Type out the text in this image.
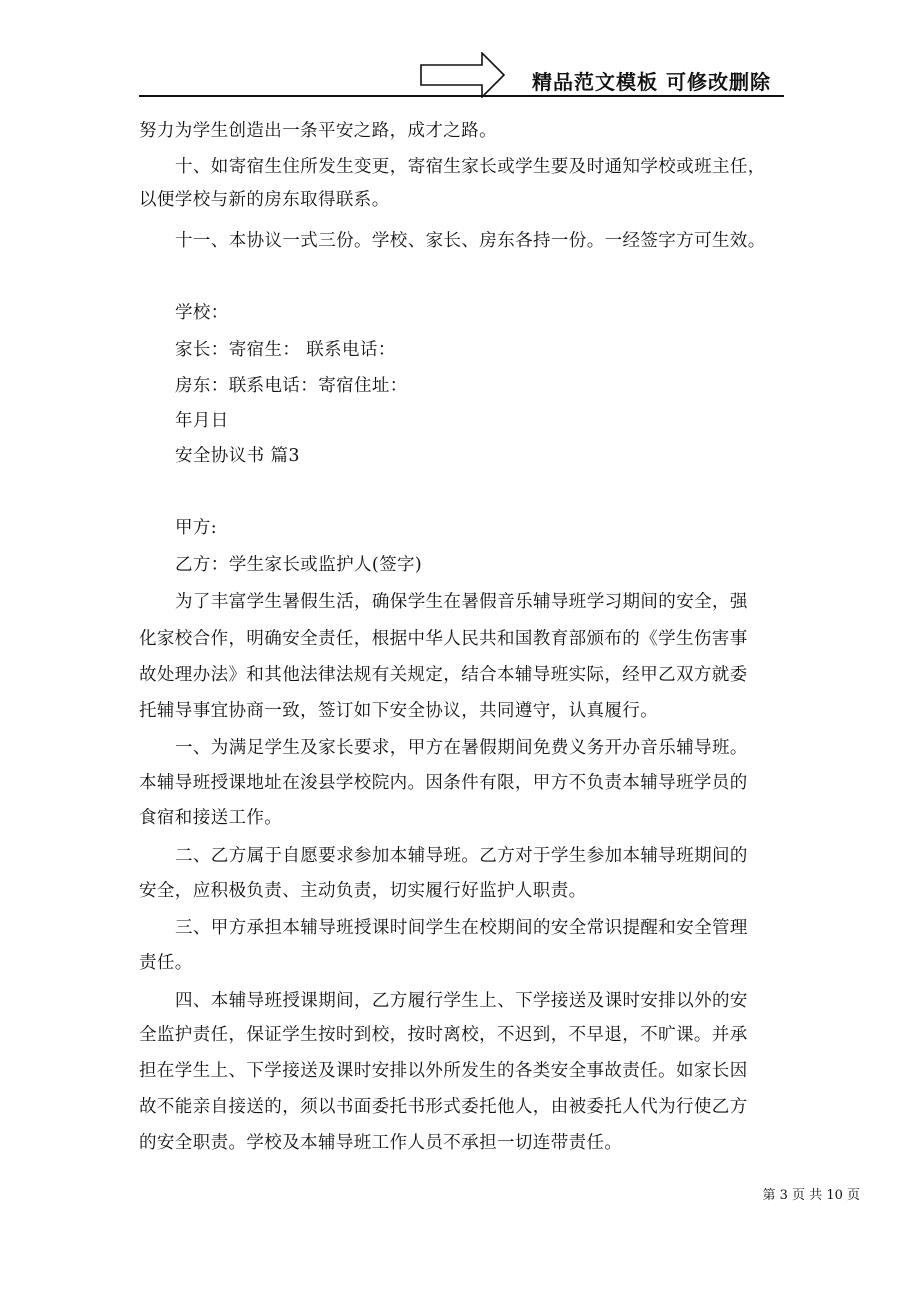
精品范文模板 可修改删除
努力为学生创造出一条平安之路，成才之路。
十、如寄宿生住所发生变更，寄宿生家长或学生要及时通知学校或班主任，
以便学校与新的房东取得联系。
十一、本协议一式三份。学校、家长、房东各持一份。一经签字方可生效。
学校：
家长：寄宿生： 联系电话：
房东：联系电话：寄宿住址：
年月日
安全协议书 篇3
甲方:
乙方：学生家长或监护人(签字)
为了丰富学生暑假生活，确保学生在暑假音乐辅导班学习期间的安全，强
化家校合作，明确安全责任，根据中华人民共和国教育部颁布的《学生伤害事
故处理办法》和其他法律法规有关规定，结合本辅导班实际，经甲乙双方就委
托辅导事宜协商一致，签订如下安全协议，共同遵守，认真履行。
一、为满足学生及家长要求，甲方在暑假期间免费义务开办音乐辅导班。
本辅导班授课地址在浚县学校院内。因条件有限，甲方不负责本辅导班学员的
食宿和接送工作。
二、乙方属于自愿要求参加本辅导班。乙方对于学生参加本辅导班期间的
安全，应积极负责、主动负责，切实履行好监护人职责。
三、甲方承担本辅导班授课时间学生在校期间的安全常识提醒和安全管理
责任。
四、本辅导班授课期间，乙方履行学生上、下学接送及课时安排以外的安
全监护责任，保证学生按时到校，按时离校，不迟到，不早退，不旷课。并承
担在学生上、下学接送及课时安排以外所发生的各类安全事故责任。如家长因
故不能亲自接送的，须以书面委托书形式委托他人，由被委托人代为行使乙方
的安全职责。学校及本辅导班工作人员不承担一切连带责任。
第 3 页 共 10 页
